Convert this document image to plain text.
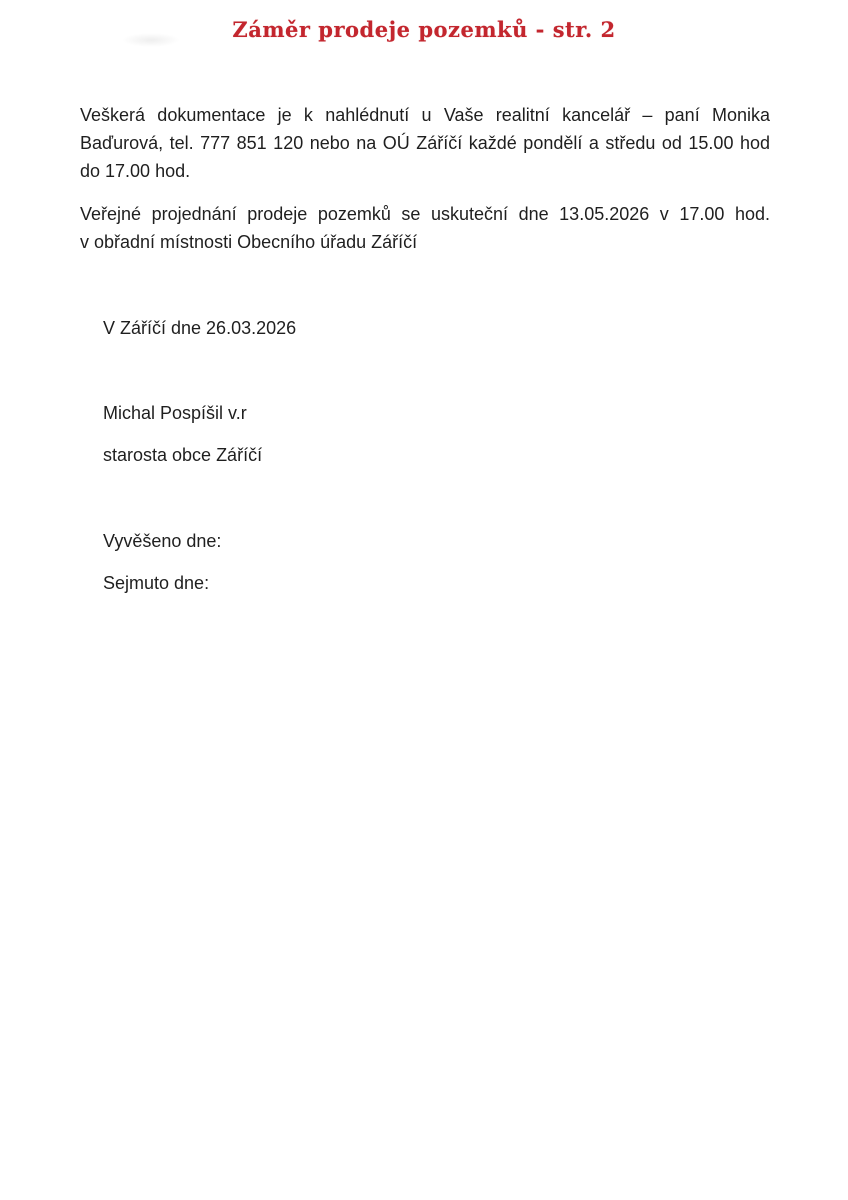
Záměr prodeje pozemků - str. 2
Veškerá dokumentace je k nahlédnutí u Vaše realitní kancelář – paní Monika
Baďurová, tel. 777 851 120 nebo na OÚ Záříčí každé pondělí a středu od 15.00 hod
do 17.00 hod.
Veřejné projednání prodeje pozemků se uskuteční dne 13.05.2026 v 17.00 hod.
v obřadní místnosti Obecního úřadu Záříčí
V Záříčí dne 26.03.2026
Michal Pospíšil v.r
starosta obce Záříčí
Vyvěšeno dne:
Sejmuto dne:
